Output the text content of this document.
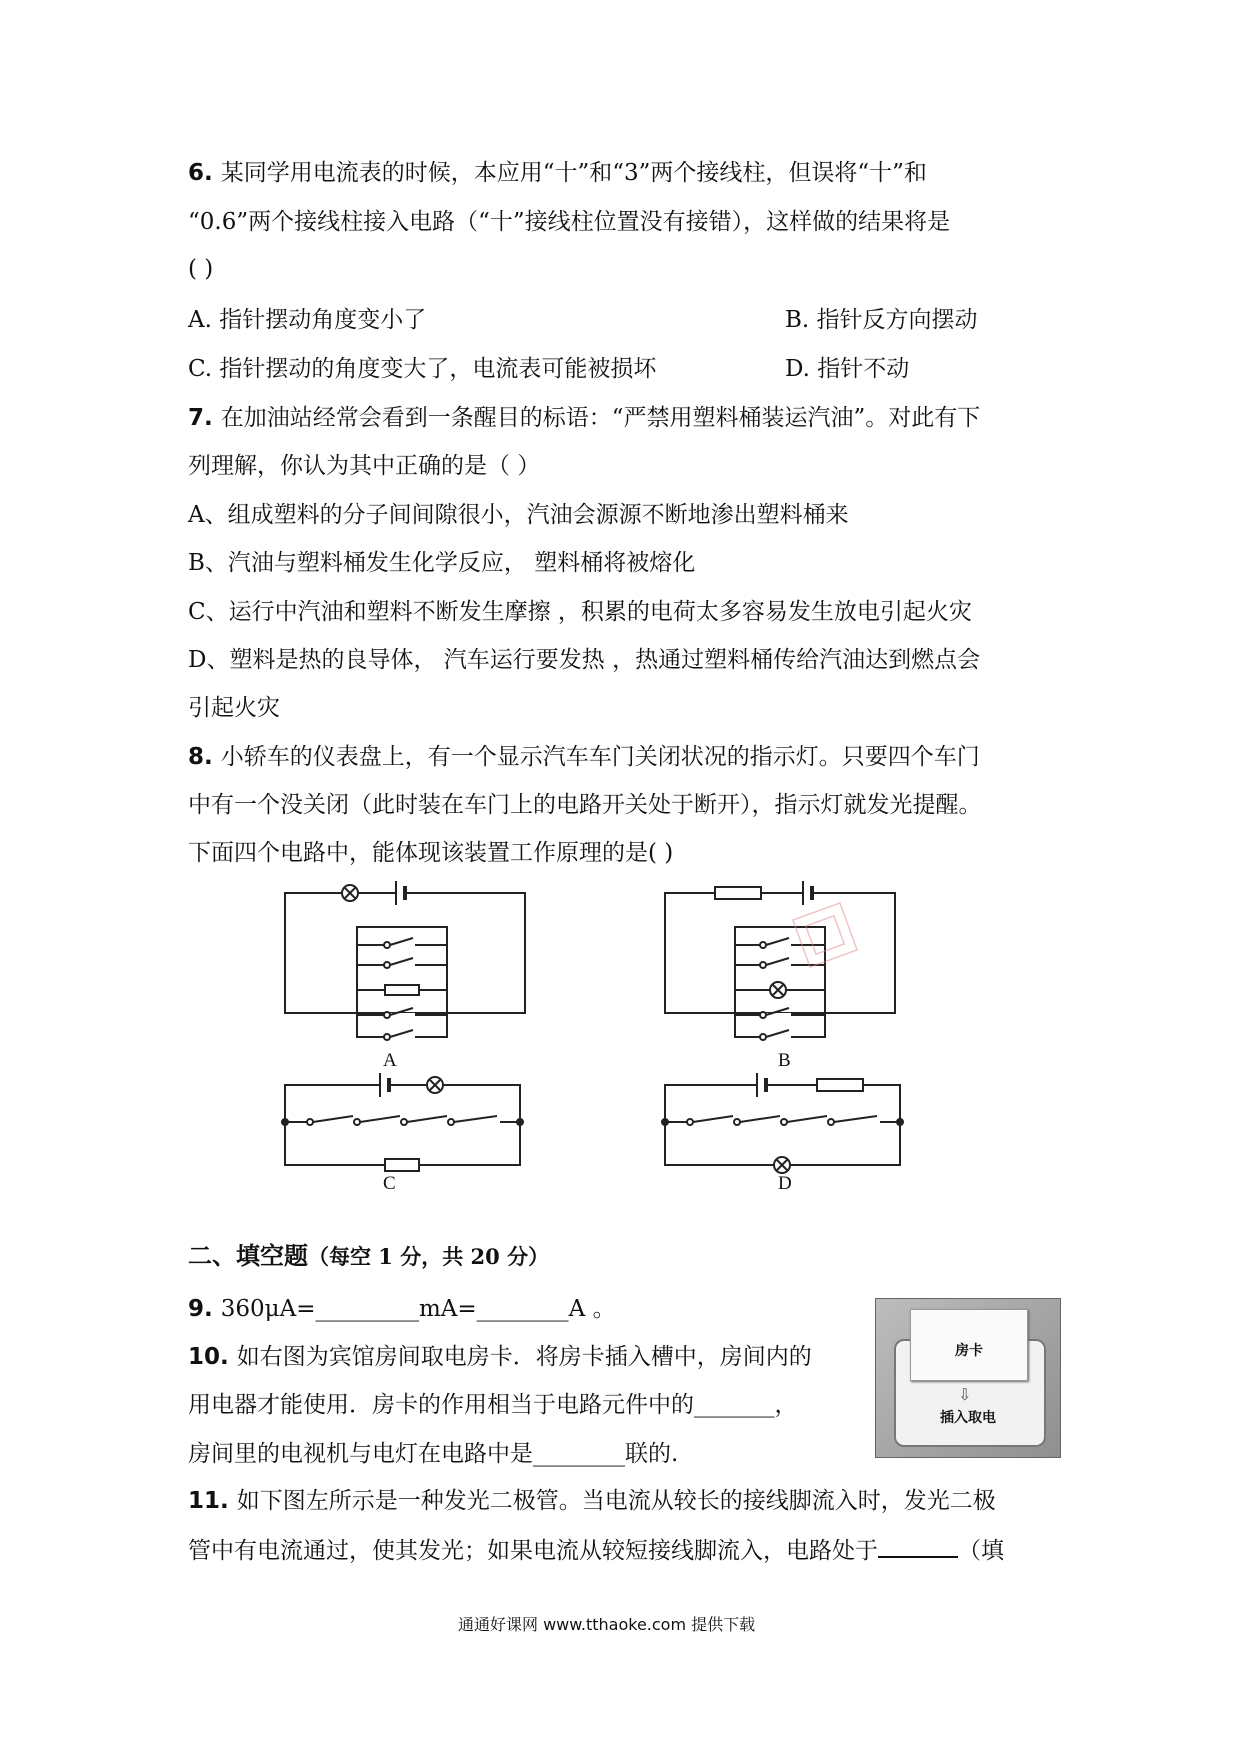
6. 某同学用电流表的时候，本应用“十”和“3”两个接线柱，但误将“十”和
“0.6”两个接线柱接入电路（“十”接线柱位置没有接错），这样做的结果将是
( )
A. 指针摆动角度变小了	B. 指针反方向摆动
C. 指针摆动的角度变大了，电流表可能被损坏	D. 指针不动
7. 在加油站经常会看到一条醒目的标语：“严禁用塑料桶装运汽油”。对此有下
列理解，你认为其中正确的是（ ）
A、组成塑料的分子间间隙很小，汽油会源源不断地渗出塑料桶来
B、汽油与塑料桶发生化学反应， 塑料桶将被熔化
C、运行中汽油和塑料不断发生摩擦 ，积累的电荷太多容易发生放电引起火灾
D、塑料是热的良导体， 汽车运行要发热 ，热通过塑料桶传给汽油达到燃点会
引起火灾
8. 小轿车的仪表盘上，有一个显示汽车车门关闭状况的指示灯。只要四个车门
中有一个没关闭（此时装在车门上的电路开关处于断开），指示灯就发光提醒。
下面四个电路中，能体现该装置工作原理的是( )
A	B
C	D
二、填空题（每空 1 分，共 20 分）
9. 360μA=_________mA=________A 。
10. 如右图为宾馆房间取电房卡．将房卡插入槽中，房间内的
用电器才能使用．房卡的作用相当于电路元件中的_______，
房间里的电视机与电灯在电路中是________联的.
房卡
⇩
插入取电
11. 如下图左所示是一种发光二极管。当电流从较长的接线脚流入时，发光二极
管中有电流通过，使其发光；如果电流从较短接线脚流入，电路处于	（填
通通好课网 www.tthaoke.com 提供下载
